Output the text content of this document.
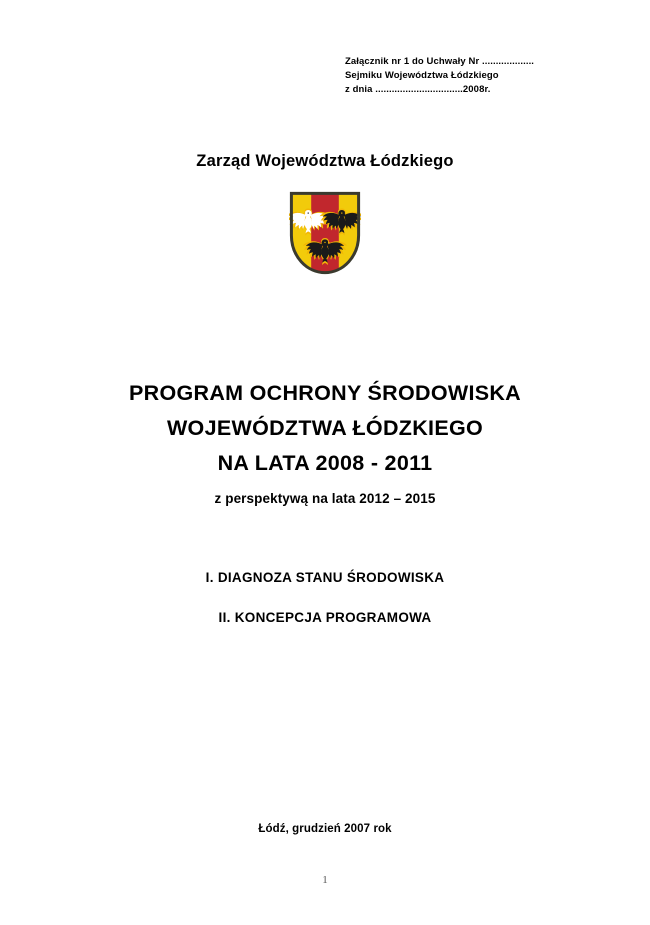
Załącznik nr 1 do Uchwały Nr ...................
Sejmiku Województwa Łódzkiego
z dnia ................................2008r.
Zarząd Województwa Łódzkiego
PROGRAM OCHRONY ŚRODOWISKA
WOJEWÓDZTWA ŁÓDZKIEGO
NA LATA 2008 - 2011
z perspektywą na lata 2012 – 2015
I. DIAGNOZA STANU ŚRODOWISKA
II. KONCEPCJA PROGRAMOWA
Łódź, grudzień 2007 rok
1
